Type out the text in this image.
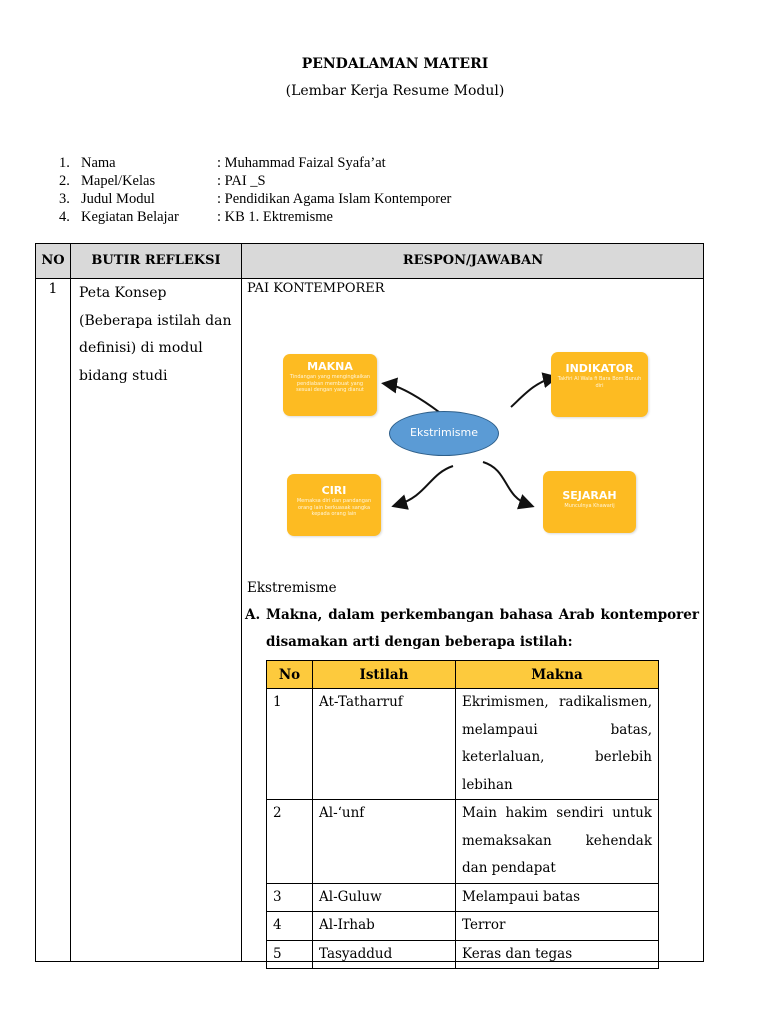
PENDALAMAN MATERI
(Lembar Kerja Resume Modul)
1. Nama	: Muhammad Faizal Syafa’at
2. Mapel/Kelas	: PAI _S
3. Judul Modul	: Pendidikan Agama Islam Kontemporer
4. Kegiatan Belajar	: KB 1. Ektremisme
NO	BUTIR REFLEKSI	RESPON/JAWABAN
1	Peta Konsep (Beberapa istilah dan definisi) di modul bidang studi
PAI KONTEMPORER
MAKNA
Tindangan yang mengingkaikan pendiaban membuat yang sesuai dengan yang dianut
INDIKATOR
Takfiri Al Wala fi Bara Bom Bunuh diri
Ekstrimisme
CIRI
Memaksa diri dan pandangan orang lain berkuasak sangka kepada orang lain
SEJARAH
Munculnya Khawarij
Ekstremisme
A. Makna, dalam perkembangan bahasa Arab kontemporer disamakan arti dengan beberapa istilah:
No	Istilah	Makna
1	At-Tatharruf	Ekrimismen, radikalismen, melampaui batas, keterlaluan, berlebih lebihan
2	Al-‘unf	Main hakim sendiri untuk memaksakan kehendak dan pendapat
3	Al-Guluw	Melampaui batas
4	Al-Irhab	Terror
5	Tasyaddud	Keras dan tegas
